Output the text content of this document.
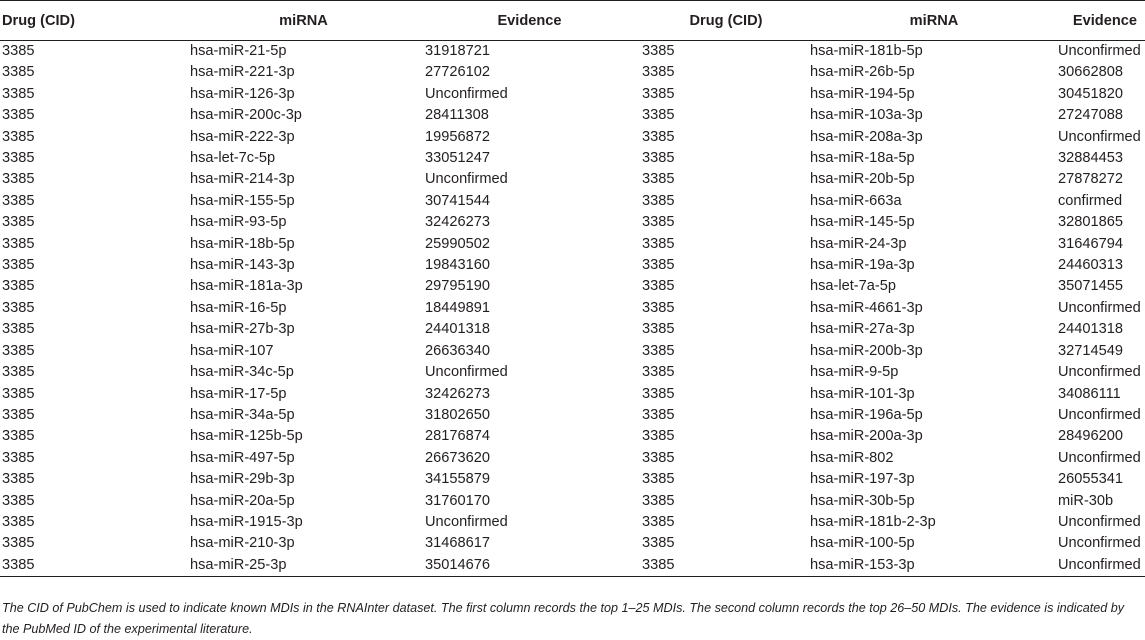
Drug (CID)	miRNA	Evidence	Drug (CID)	miRNA	Evidence
3385	hsa-miR-21-5p	31918721	3385	hsa-miR-181b-5p	Unconfirmed
3385	hsa-miR-221-3p	27726102	3385	hsa-miR-26b-5p	30662808
3385	hsa-miR-126-3p	Unconfirmed	3385	hsa-miR-194-5p	30451820
3385	hsa-miR-200c-3p	28411308	3385	hsa-miR-103a-3p	27247088
3385	hsa-miR-222-3p	19956872	3385	hsa-miR-208a-3p	Unconfirmed
3385	hsa-let-7c-5p	33051247	3385	hsa-miR-18a-5p	32884453
3385	hsa-miR-214-3p	Unconfirmed	3385	hsa-miR-20b-5p	27878272
3385	hsa-miR-155-5p	30741544	3385	hsa-miR-663a	confirmed
3385	hsa-miR-93-5p	32426273	3385	hsa-miR-145-5p	32801865
3385	hsa-miR-18b-5p	25990502	3385	hsa-miR-24-3p	31646794
3385	hsa-miR-143-3p	19843160	3385	hsa-miR-19a-3p	24460313
3385	hsa-miR-181a-3p	29795190	3385	hsa-let-7a-5p	35071455
3385	hsa-miR-16-5p	18449891	3385	hsa-miR-4661-3p	Unconfirmed
3385	hsa-miR-27b-3p	24401318	3385	hsa-miR-27a-3p	24401318
3385	hsa-miR-107	26636340	3385	hsa-miR-200b-3p	32714549
3385	hsa-miR-34c-5p	Unconfirmed	3385	hsa-miR-9-5p	Unconfirmed
3385	hsa-miR-17-5p	32426273	3385	hsa-miR-101-3p	34086111
3385	hsa-miR-34a-5p	31802650	3385	hsa-miR-196a-5p	Unconfirmed
3385	hsa-miR-125b-5p	28176874	3385	hsa-miR-200a-3p	28496200
3385	hsa-miR-497-5p	26673620	3385	hsa-miR-802	Unconfirmed
3385	hsa-miR-29b-3p	34155879	3385	hsa-miR-197-3p	26055341
3385	hsa-miR-20a-5p	31760170	3385	hsa-miR-30b-5p	miR-30b
3385	hsa-miR-1915-3p	Unconfirmed	3385	hsa-miR-181b-2-3p	Unconfirmed
3385	hsa-miR-210-3p	31468617	3385	hsa-miR-100-5p	Unconfirmed
3385	hsa-miR-25-3p	35014676	3385	hsa-miR-153-3p	Unconfirmed
The CID of PubChem is used to indicate known MDIs in the RNAInter dataset. The first column records the top 1–25 MDIs. The second column records the top 26–50 MDIs. The evidence is indicated by the PubMed ID of the experimental literature.
